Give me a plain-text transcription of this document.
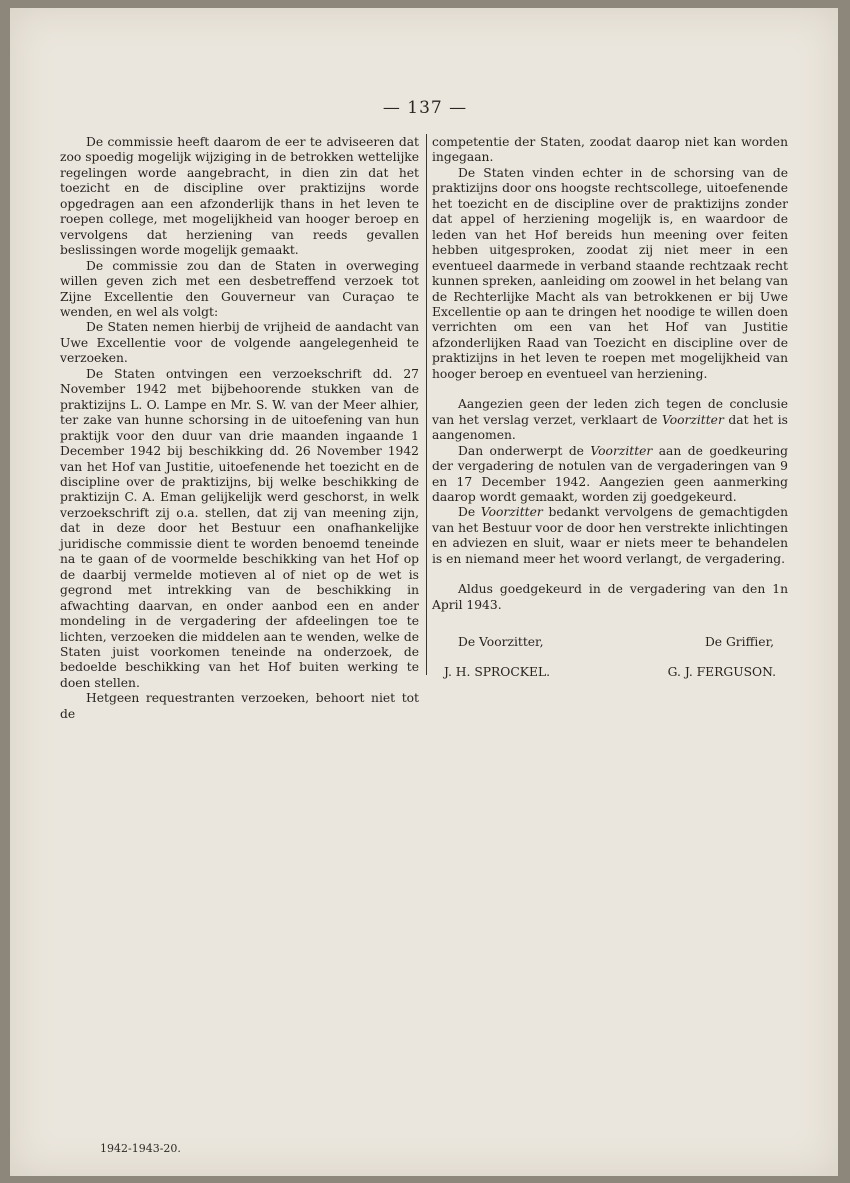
— 137 —

De commissie heeft daarom de eer te adviseeren dat zoo spoedig mogelijk wijziging in de betrokken wettelijke regelingen worde aangebracht, in dien zin dat het toezicht en de discipline over praktizijns worde opgedragen aan een afzonderlijk thans in het leven te roepen college, met mogelijkheid van hooger beroep en vervolgens dat herziening van reeds gevallen beslissingen worde mogelijk gemaakt.

De commissie zou dan de Staten in overweging willen geven zich met een desbetreffend verzoek tot Zijne Excellentie den Gouverneur van Curaçao te wenden, en wel als volgt:

De Staten nemen hierbij de vrijheid de aandacht van Uwe Excellentie voor de volgende aangelegenheid te verzoeken.

De Staten ontvingen een verzoekschrift dd. 27 November 1942 met bijbehoorende stukken van de praktizijns L. O. Lampe en Mr. S. W. van der Meer alhier, ter zake van hunne schorsing in de uitoefening van hun praktijk voor den duur van drie maanden ingaande 1 December 1942 bij beschikking dd. 26 November 1942 van het Hof van Justitie, uitoefenende het toezicht en de discipline over de praktizijns, bij welke beschikking de praktizijn C. A. Eman gelijkelijk werd geschorst, in welk verzoekschrift zij o.a. stellen, dat zij van meening zijn, dat in deze door het Bestuur een onafhankelijke juridische commissie dient te worden benoemd teneinde na te gaan of de voormelde beschikking van het Hof op de daarbij vermelde motieven al of niet op de wet is gegrond met intrekking van de beschikking in afwachting daarvan, en onder aanbod een en ander mondeling in de vergadering der afdeelingen toe te lichten, verzoeken die middelen aan te wenden, welke de Staten juist voorkomen teneinde na onderzoek, de bedoelde beschikking van het Hof buiten werking te doen stellen.

Hetgeen requestranten verzoeken, behoort niet tot de

competentie der Staten, zoodat daarop niet kan worden ingegaan.

De Staten vinden echter in de schorsing van de praktizijns door ons hoogste rechtscollege, uitoefenende het toezicht en de discipline over de praktizijns zonder dat appel of herziening mogelijk is, en waardoor de leden van het Hof bereids hun meening over feiten hebben uitgesproken, zoodat zij niet meer in een eventueel daarmede in verband staande rechtzaak recht kunnen spreken, aanleiding om zoowel in het belang van de Rechterlijke Macht als van betrokkenen er bij Uwe Excellentie op aan te dringen het noodige te willen doen verrichten om een van het Hof van Justitie afzonderlijken Raad van Toezicht en discipline over de praktizijns in het leven te roepen met mogelijkheid van hooger beroep en eventueel van herziening.

Aangezien geen der leden zich tegen de conclusie van het verslag verzet, verklaart de Voorzitter dat het is aangenomen.

Dan onderwerpt de Voorzitter aan de goedkeuring der vergadering de notulen van de vergaderingen van 9 en 17 December 1942. Aangezien geen aanmerking daarop wordt gemaakt, worden zij goedgekeurd.

De Voorzitter bedankt vervolgens de gemachtigden van het Bestuur voor de door hen verstrekte inlichtingen en adviezen en sluit, waar er niets meer te behandelen is en niemand meer het woord verlangt, de vergadering.

Aldus goedgekeurd in de vergadering van den 1n April 1943.

De Voorzitter,	De Griffier,
J. H. SPROCKEL.	G. J. FERGUSON.
1942-1943-20.
